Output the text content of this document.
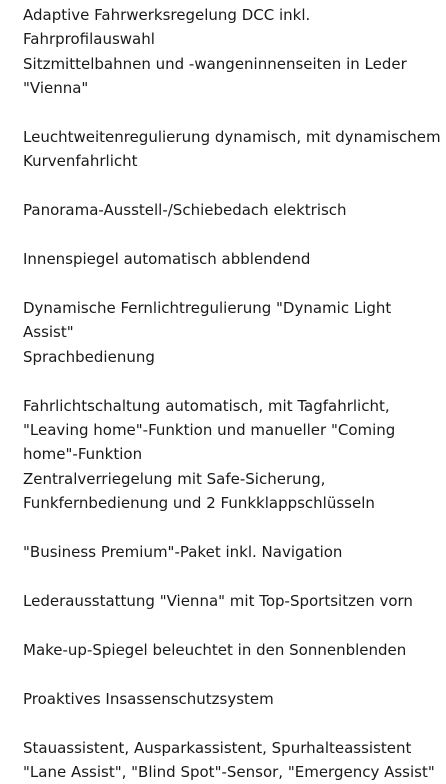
Adaptive Fahrwerksregelung DCC inkl. Fahrprofilauswahl
Sitzmittelbahnen und -wangeninnenseiten in Leder "Vienna"
Leuchtweitenregulierung dynamisch, mit dynamischem Kurvenfahrlicht
Panorama-Ausstell-/Schiebedach elektrisch
Innenspiegel automatisch abblendend
Dynamische Fernlichtregulierung "Dynamic Light Assist"
Sprachbedienung
Fahrlichtschaltung automatisch, mit Tagfahrlicht, "Leaving home"-Funktion und manueller "Coming home"-Funktion
Zentralverriegelung mit Safe-Sicherung, Funkfernbedienung und 2 Funkklappschlüsseln
"Business Premium"-Paket inkl. Navigation
Lederausstattung "Vienna" mit Top-Sportsitzen vorn
Make-up-Spiegel beleuchtet in den Sonnenblenden
Proaktives Insassenschutzsystem
Stauassistent, Ausparkassistent, Spurhalteassistent "Lane Assist", "Blind Spot"-Sensor, "Emergency Assist"
